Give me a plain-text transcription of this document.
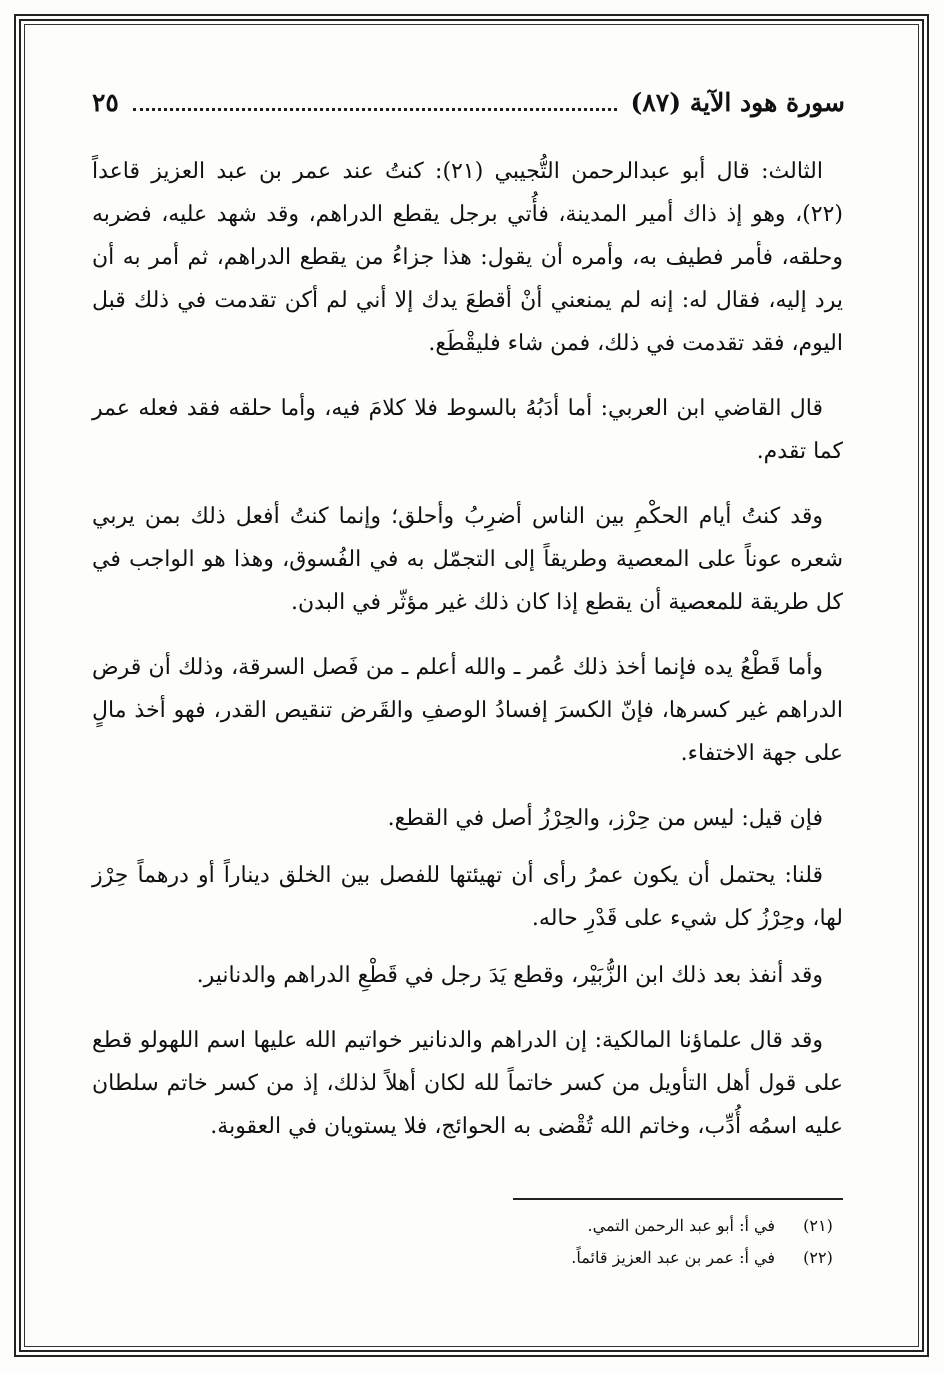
سورة هود الآية (٨٧)
٢٥

الثالث: قال أبو عبدالرحمن التُّجيبي (٢١): كنتُ عند عمر بن عبد العزيز قاعداً (٢٢)، وهو إذ ذاك أمير المدينة، فأُتي برجل يقطع الدراهم، وقد شهد عليه، فضربه وحلقه، فأمر فطيف به، وأمره أن يقول: هذا جزاءُ من يقطع الدراهم، ثم أمر به أن يرد إليه، فقال له: إنه لم يمنعني أنْ أقطعَ يدك إلا أني لم أكن تقدمت في ذلك قبل اليوم، فقد تقدمت في ذلك، فمن شاء فليقْطَع.

قال القاضي ابن العربي: أما أدَبُهُ بالسوط فلا كلامَ فيه، وأما حلقه فقد فعله عمر كما تقدم.

وقد كنتُ أيام الحكْمِ بين الناس أضرِبُ وأحلق؛ وإنما كنتُ أفعل ذلك بمن يربي شعره عوناً على المعصية وطريقاً إلى التجمّل به في الفُسوق، وهذا هو الواجب في كل طريقة للمعصية أن يقطع إذا كان ذلك غير مؤثّر في البدن.

وأما قَطْعُ يده فإنما أخذ ذلك عُمر ـ والله أعلم ـ من فَصل السرقة، وذلك أن قرض الدراهم غير كسرها، فإنّ الكسرَ إفسادُ الوصفِ والقَرض تنقيص القدر، فهو أخذ مالٍ على جهة الاختفاء.

فإن قيل: ليس من حِرْز، والحِرْزُ أصل في القطع.

قلنا: يحتمل أن يكون عمرُ رأى أن تهيئتها للفصل بين الخلق ديناراً أو درهماً حِرْز لها، وحِرْزُ كل شيء على قَدْرِ حاله.

وقد أنفذ بعد ذلك ابن الزُّبَيْر، وقطع يَدَ رجل في قَطْعِ الدراهم والدنانير.

وقد قال علماؤنا المالكية: إن الدراهم والدنانير خواتيم الله عليها اسم اللهولو قطع على قول أهل التأويل من كسر خاتماً لله لكان أهلاً لذلك، إذ من كسر خاتم سلطان عليه اسمُه أُدِّب، وخاتم الله تُقْضى به الحوائج، فلا يستويان في العقوبة.

(٢١)
في أ: أبو عبد الرحمن التمي.
(٢٢)
في أ: عمر بن عبد العزيز قائماً.
